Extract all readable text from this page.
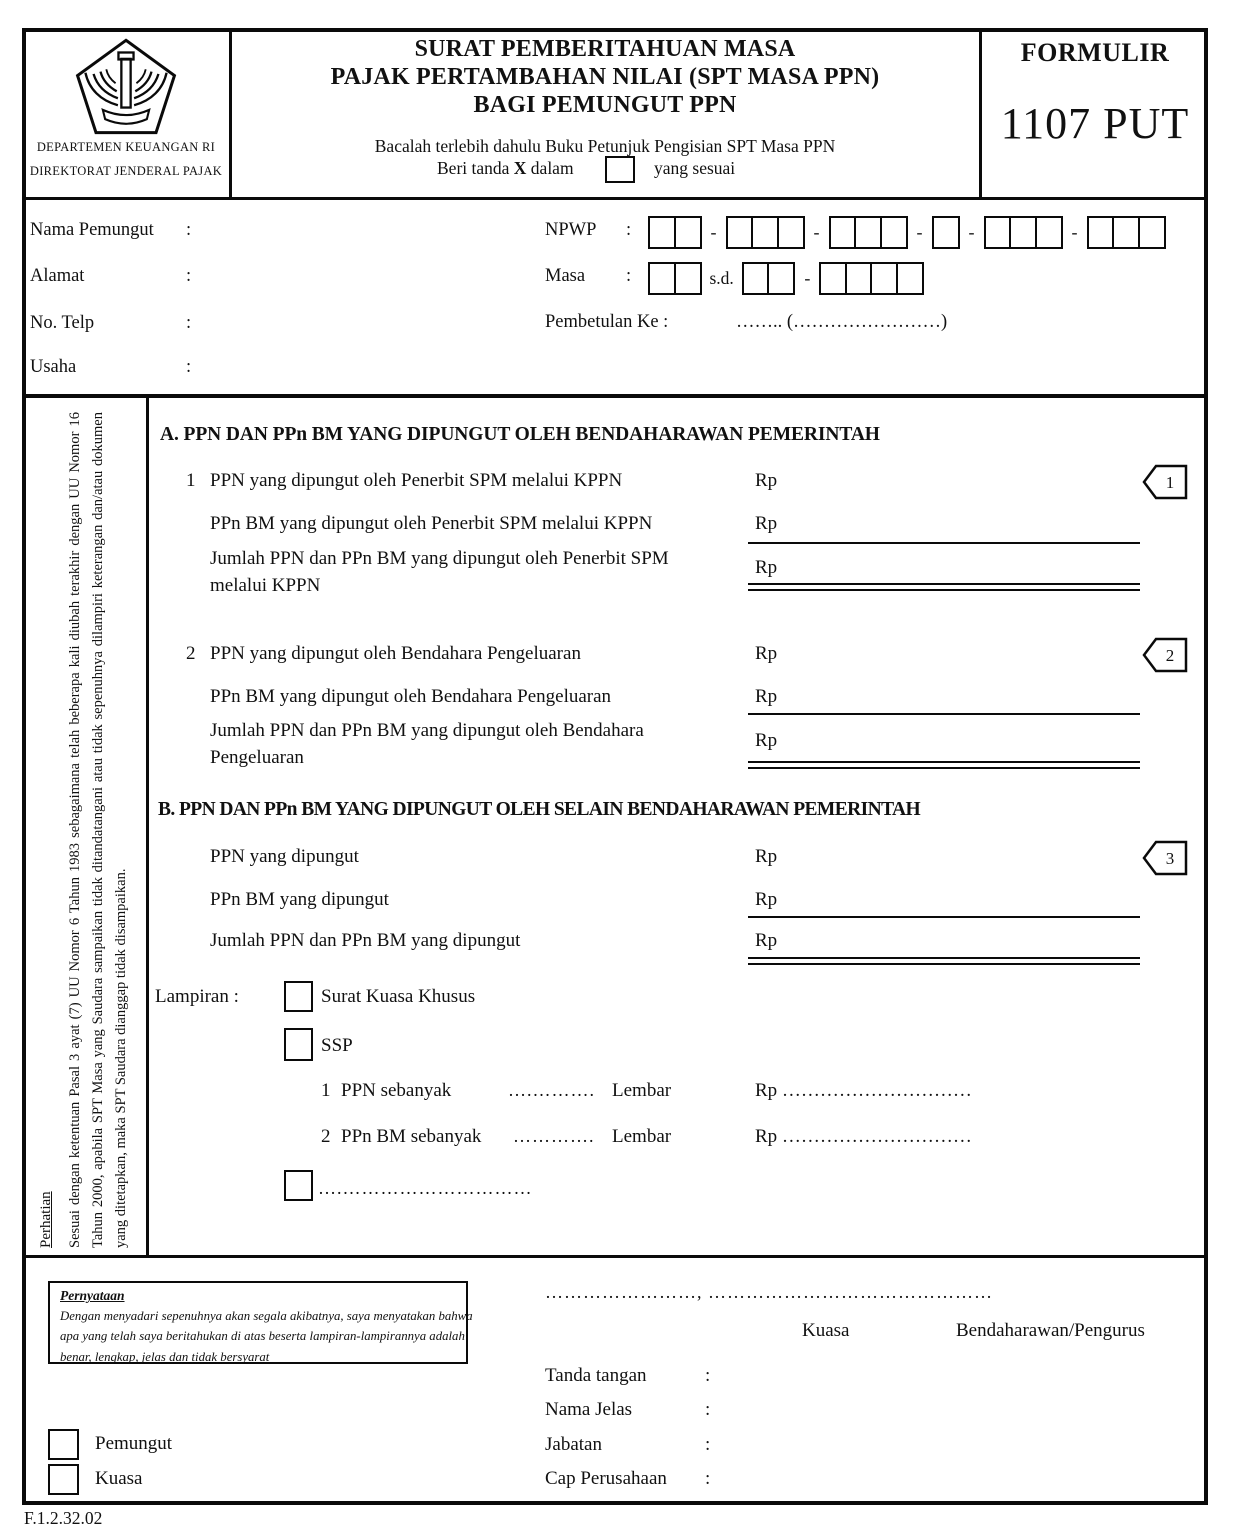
DEPARTEMEN KEUANGAN RI
DIREKTORAT JENDERAL PAJAK
SURAT PEMBERITAHUAN MASA
PAJAK PERTAMBAHAN NILAI (SPT MASA PPN)
BAGI PEMUNGUT PPN
Bacalah terlebih dahulu Buku Petunjuk Pengisian SPT Masa PPN
Beri tanda X dalam	yang sesuai
FORMULIR
1107 PUT
Nama Pemungut :
Alamat	:
No. Telp	:
Usaha	:
NPWP :	-	-	-	-	-
Masa :	s.d.	-
Pembetulan Ke :	…….. (……………………)
Perhatian Sesuai dengan ketentuan Pasal 3 ayat (7) UU Nomor 6 Tahun 1983 sebagaimana telah beberapa kali diubah terakhir dengan UU Nomor 16 Tahun 2000, apabila SPT Masa yang Saudara sampaikan tidak ditandatangani atau tidak sepenuhnya dilampiri keterangan dan/atau dokumen yang ditetapkan, maka SPT Saudara dianggap tidak disampaikan.
A. PPN DAN PPn BM YANG DIPUNGUT OLEH BENDAHARAWAN PEMERINTAH
1 PPN yang dipungut oleh Penerbit SPM melalui KPPN	Rp	1
PPn BM yang dipungut oleh Penerbit SPM melalui KPPN	Rp
Jumlah PPN dan PPn BM yang dipungut oleh Penerbit SPM
melalui KPPN
Rp
2 PPN yang dipungut oleh Bendahara Pengeluaran	Rp	2
PPn BM yang dipungut oleh Bendahara Pengeluaran	Rp
Jumlah PPN dan PPn BM yang dipungut oleh Bendahara
Pengeluaran
Rp
B. PPN DAN PPn BM YANG DIPUNGUT OLEH SELAIN BENDAHARAWAN PEMERINTAH
PPN yang dipungut	Rp	3
PPn BM yang dipungut	Rp
Jumlah PPN dan PPn BM yang dipungut	Rp
Lampiran :	Surat Kuasa Khusus
SSP
1 PPN sebanyak	….………. Lembar	Rp …………………………
2 PPn BM sebanyak …………. Lembar	Rp …………………………
….…………………………
Pernyataan
Dengan menyadari sepenuhnya akan segala akibatnya, saya menyatakan bahwa
apa yang telah saya beritahukan di atas beserta lampiran-lampirannya adalah
benar, lengkap, jelas dan tidak bersyarat
……………………, ………………………………………
Kuasa	Bendaharawan/Pengurus
Tanda tangan	:
Nama Jelas	:
Jabatan	:
Cap Perusahaan :
Pemungut
Kuasa
F.1.2.32.02
